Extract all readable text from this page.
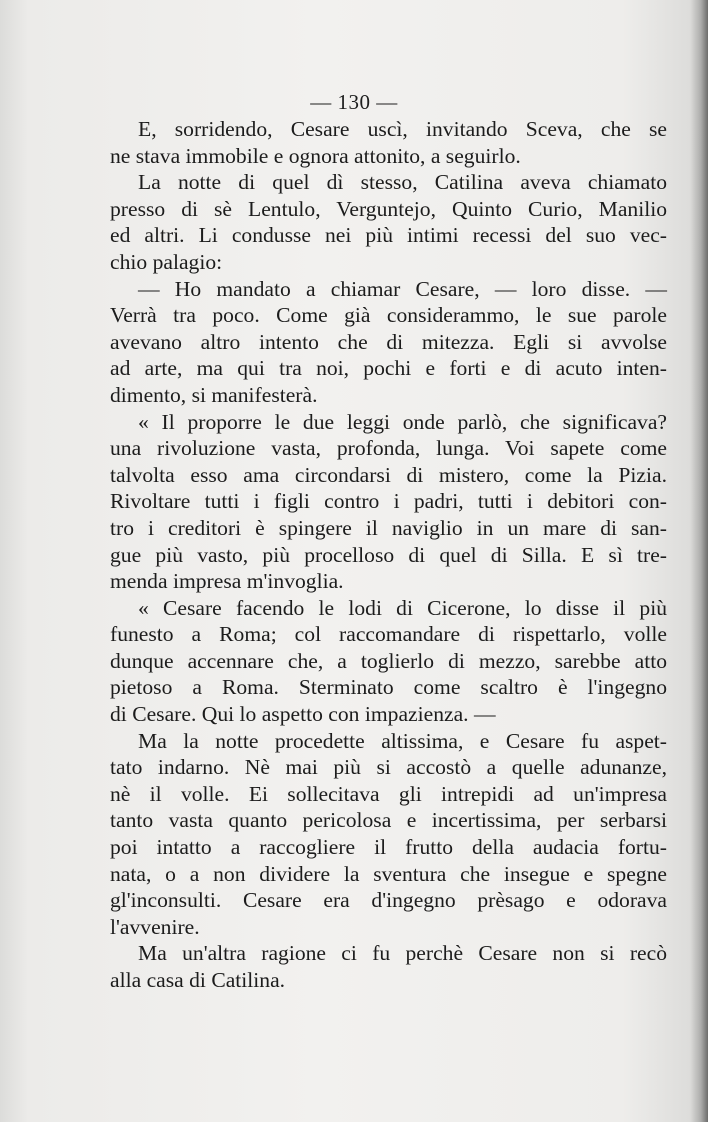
— 130 —
E, sorridendo, Cesare uscì, invitando Sceva, che se
ne stava immobile e ognora attonito, a seguirlo.
La notte di quel dì stesso, Catilina aveva chiamato
presso di sè Lentulo, Verguntejo, Quinto Curio, Manilio
ed altri. Li condusse nei più intimi recessi del suo vec-
chio palagio:
— Ho mandato a chiamar Cesare, — loro disse. —
Verrà tra poco. Come già considerammo, le sue parole
avevano altro intento che di mitezza. Egli si avvolse
ad arte, ma qui tra noi, pochi e forti e di acuto inten-
dimento, si manifesterà.
« Il proporre le due leggi onde parlò, che significava?
una rivoluzione vasta, profonda, lunga. Voi sapete come
talvolta esso ama circondarsi di mistero, come la Pizia.
Rivoltare tutti i figli contro i padri, tutti i debitori con-
tro i creditori è spingere il naviglio in un mare di san-
gue più vasto, più procelloso di quel di Silla. E sì tre-
menda impresa m'invoglia.
« Cesare facendo le lodi di Cicerone, lo disse il più
funesto a Roma; col raccomandare di rispettarlo, volle
dunque accennare che, a toglierlo di mezzo, sarebbe atto
pietoso a Roma. Sterminato come scaltro è l'ingegno
di Cesare. Qui lo aspetto con impazienza. —
Ma la notte procedette altissima, e Cesare fu aspet-
tato indarno. Nè mai più si accostò a quelle adunanze,
nè il volle. Ei sollecitava gli intrepidi ad un'impresa
tanto vasta quanto pericolosa e incertissima, per serbarsi
poi intatto a raccogliere il frutto della audacia fortu-
nata, o a non dividere la sventura che insegue e spegne
gl'inconsulti. Cesare era d'ingegno prèsago e odorava
l'avvenire.
Ma un'altra ragione ci fu perchè Cesare non si recò
alla casa di Catilina.
